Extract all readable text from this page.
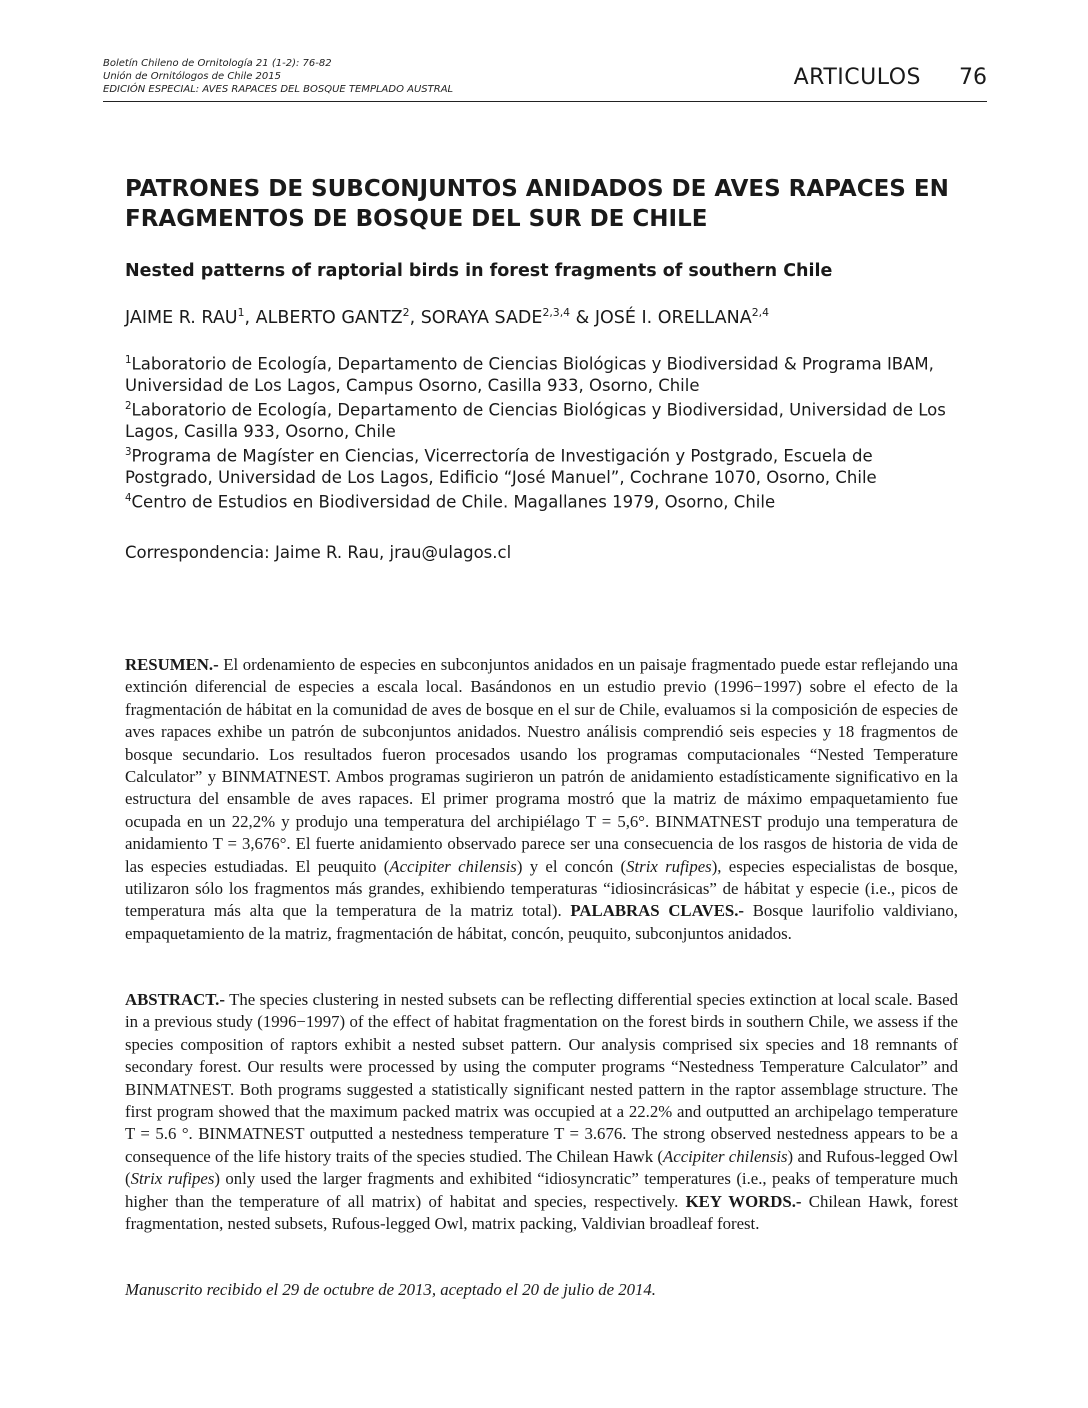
Boletín Chileno de Ornitología 21 (1-2): 76-82
Unión de Ornitólogos de Chile 2015
EDICIÓN ESPECIAL: AVES RAPACES DEL BOSQUE TEMPLADO AUSTRAL	ARTICULOS 76
PATRONES DE SUBCONJUNTOS ANIDADOS DE AVES RAPACES EN
FRAGMENTOS DE BOSQUE DEL SUR DE CHILE
Nested patterns of raptorial birds in forest fragments of southern Chile

JAIME R. RAU$^1$, ALBERTO GANTZ$^2$, SORAYA SADE$^{2,3,4}$ & JOSÉ I. ORELLANA$^{2,4}$

$^1$Laboratorio de Ecología, Departamento de Ciencias Biológicas y Biodiversidad & Programa IBAM, Universidad de Los Lagos, Campus Osorno, Casilla 933, Osorno, Chile

$^2$Laboratorio de Ecología, Departamento de Ciencias Biológicas y Biodiversidad, Universidad de Los Lagos, Casilla 933, Osorno, Chile

$^3$Programa de Magíster en Ciencias, Vicerrectoría de Investigación y Postgrado, Escuela de Postgrado, Universidad de Los Lagos, Edificio “José Manuel”, Cochrane 1070, Osorno, Chile

$^4$Centro de Estudios en Biodiversidad de Chile. Magallanes 1979, Osorno, Chile

Correspondencia: Jaime R. Rau, jrau@ulagos.cl

RESUMEN.- El ordenamiento de especies en subconjuntos anidados en un paisaje fragmentado puede estar reflejando una extinción diferencial de especies a escala local. Basándonos en un estudio previo (1996−1997) sobre el efecto de la fragmentación de hábitat en la comunidad de aves de bosque en el sur de Chile, evaluamos si la composición de especies de aves rapaces exhibe un patrón de subconjuntos anidados. Nuestro análisis comprendió seis especies y 18 fragmentos de bosque secundario. Los resultados fueron procesados usando los programas computacionales “Nested Temperature Calculator” y BINMATNEST. Ambos programas sugirieron un patrón de anidamiento estadísticamente significativo en la estructura del ensamble de aves rapaces. El primer programa mostró que la matriz de máximo empaquetamiento fue ocupada en un 22,2% y produjo una temperatura del archipiélago T = 5,6°. BINMATNEST produjo una temperatura de anidamiento T = 3,676°. El fuerte anidamiento observado parece ser una consecuencia de los rasgos de historia de vida de las especies estudiadas. El peuquito (Accipiter chilensis) y el concón (Strix rufipes), especies especialistas de bosque, utilizaron sólo los fragmentos más grandes, exhibiendo temperaturas “idiosincrásicas” de hábitat y especie (i.e., picos de temperatura más alta que la temperatura de la matriz total). PALABRAS CLAVES.- Bosque laurifolio valdiviano, empaquetamiento de la matriz, fragmentación de hábitat, concón, peuquito, subconjuntos anidados.

ABSTRACT.- The species clustering in nested subsets can be reflecting differential species extinction at local scale. Based in a previous study (1996−1997) of the effect of habitat fragmentation on the forest birds in southern Chile, we assess if the species composition of raptors exhibit a nested subset pattern. Our analysis comprised six species and 18 remnants of secondary forest. Our results were processed by using the computer programs “Nestedness Temperature Calculator” and BINMATNEST. Both programs suggested a statistically significant nested pattern in the raptor assemblage structure. The first program showed that the maximum packed matrix was occupied at a 22.2% and outputted an archipelago temperature T = 5.6 °. BINMATNEST outputted a nestedness temperature T = 3.676. The strong observed nestedness appears to be a consequence of the life history traits of the species studied. The Chilean Hawk (Accipiter chilensis) and Rufous-legged Owl (Strix rufipes) only used the larger fragments and exhibited “idiosyncratic” temperatures (i.e., peaks of temperature much higher than the temperature of all matrix) of habitat and species, respectively. KEY WORDS.- Chilean Hawk, forest fragmentation, nested subsets, Rufous-legged Owl, matrix packing, Valdivian broadleaf forest.

Manuscrito recibido el 29 de octubre de 2013, aceptado el 20 de julio de 2014.
